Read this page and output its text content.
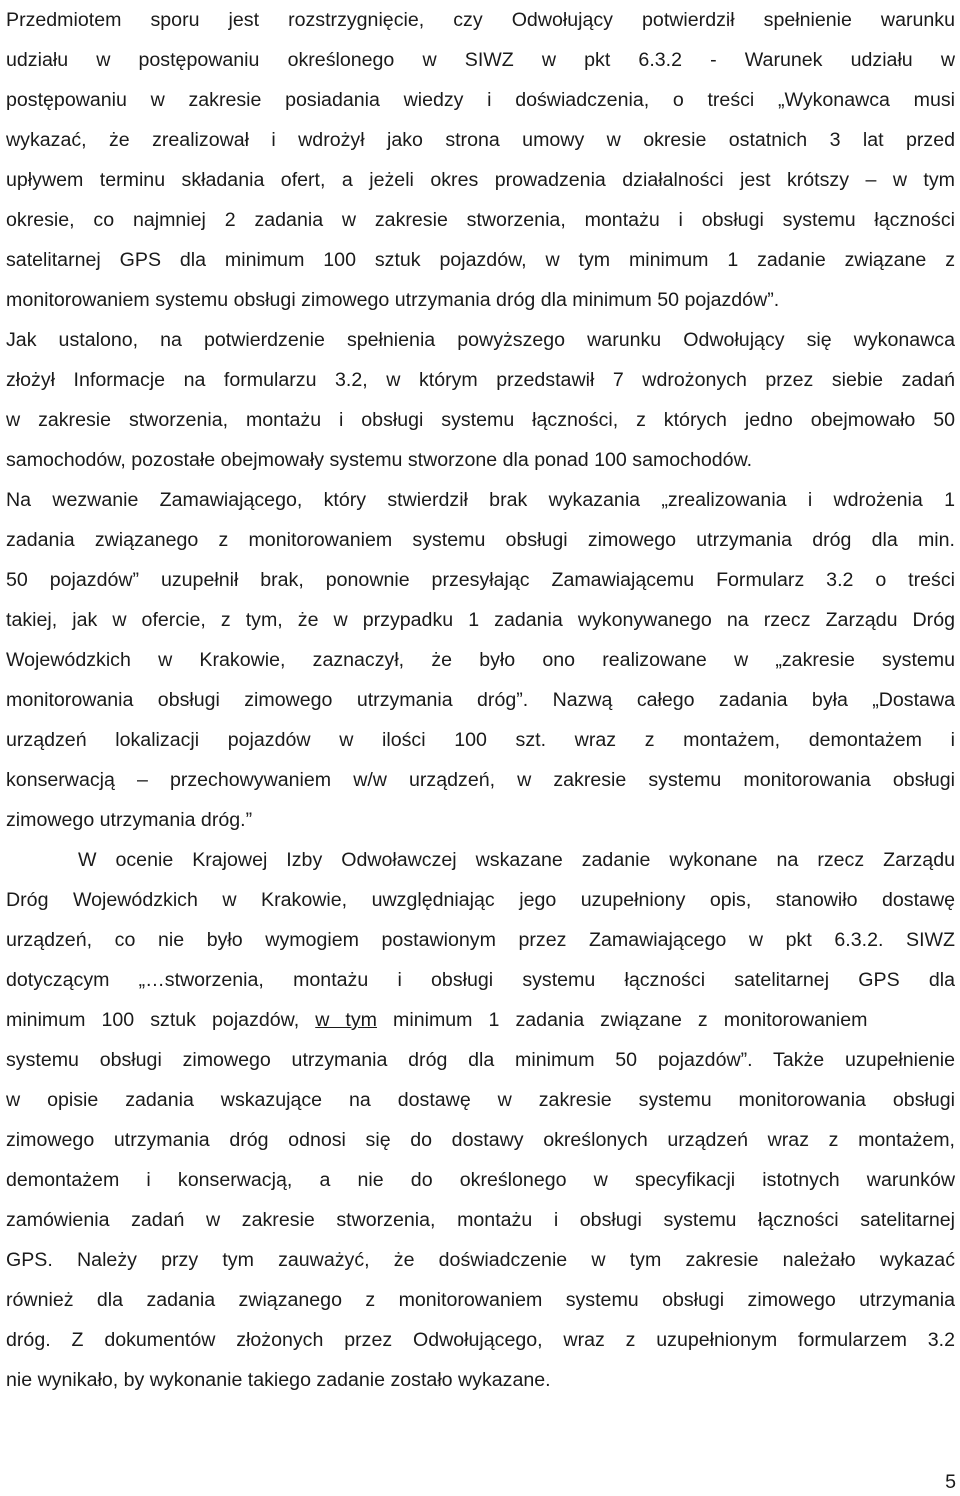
Przedmiotem sporu jest rozstrzygnięcie, czy Odwołujący potwierdził spełnienie warunku
udziału w postępowaniu określonego w SIWZ w pkt 6.3.2 - Warunek udziału w
postępowaniu w zakresie posiadania wiedzy i doświadczenia, o treści „Wykonawca musi
wykazać, że zrealizował i wdrożył jako strona umowy w okresie ostatnich 3 lat przed
upływem terminu składania ofert, a jeżeli okres prowadzenia działalności jest krótszy – w tym
okresie, co najmniej 2 zadania w zakresie stworzenia, montażu i obsługi systemu łączności
satelitarnej GPS dla minimum 100 sztuk pojazdów, w tym minimum 1 zadanie związane z
monitorowaniem systemu obsługi zimowego utrzymania dróg dla minimum 50 pojazdów”.
Jak ustalono, na potwierdzenie spełnienia powyższego warunku Odwołujący się wykonawca
złożył Informacje na formularzu 3.2, w którym przedstawił 7 wdrożonych przez siebie zadań
w zakresie stworzenia, montażu i obsługi systemu łączności, z których jedno obejmowało 50
samochodów, pozostałe obejmowały systemu stworzone dla ponad 100 samochodów.
Na wezwanie Zamawiającego, który stwierdził brak wykazania „zrealizowania i wdrożenia 1
zadania związanego z monitorowaniem systemu obsługi zimowego utrzymania dróg dla min.
50 pojazdów” uzupełnił brak, ponownie przesyłając Zamawiającemu Formularz 3.2 o treści
takiej, jak w ofercie, z tym, że w przypadku 1 zadania wykonywanego na rzecz Zarządu Dróg
Wojewódzkich w Krakowie, zaznaczył, że było ono realizowane w „zakresie systemu
monitorowania obsługi zimowego utrzymania dróg”. Nazwą całego zadania była „Dostawa
urządzeń lokalizacji pojazdów w ilości 100 szt. wraz z montażem, demontażem i
konserwacją – przechowywaniem w/w urządzeń, w zakresie systemu monitorowania obsługi
zimowego utrzymania dróg.”
W ocenie Krajowej Izby Odwoławczej wskazane zadanie wykonane na rzecz Zarządu
Dróg Wojewódzkich w Krakowie, uwzględniając jego uzupełniony opis, stanowiło dostawę
urządzeń, co nie było wymogiem postawionym przez Zamawiającego w pkt 6.3.2. SIWZ
dotyczącym „…stworzenia, montażu i obsługi systemu łączności satelitarnej GPS dla
minimum 100 sztuk pojazdów, w tym minimum 1 zadania związane z monitorowaniem
systemu obsługi zimowego utrzymania dróg dla minimum 50 pojazdów”. Także uzupełnienie
w opisie zadania wskazujące na dostawę w zakresie systemu monitorowania obsługi
zimowego utrzymania dróg odnosi się do dostawy określonych urządzeń wraz z montażem,
demontażem i konserwacją, a nie do określonego w specyfikacji istotnych warunków
zamówienia zadań w zakresie stworzenia, montażu i obsługi systemu łączności satelitarnej
GPS. Należy przy tym zauważyć, że doświadczenie w tym zakresie należało wykazać
również dla zadania związanego z monitorowaniem systemu obsługi zimowego utrzymania
dróg. Z dokumentów złożonych przez Odwołującego, wraz z uzupełnionym formularzem 3.2
nie wynikało, by wykonanie takiego zadanie zostało wykazane.
5
